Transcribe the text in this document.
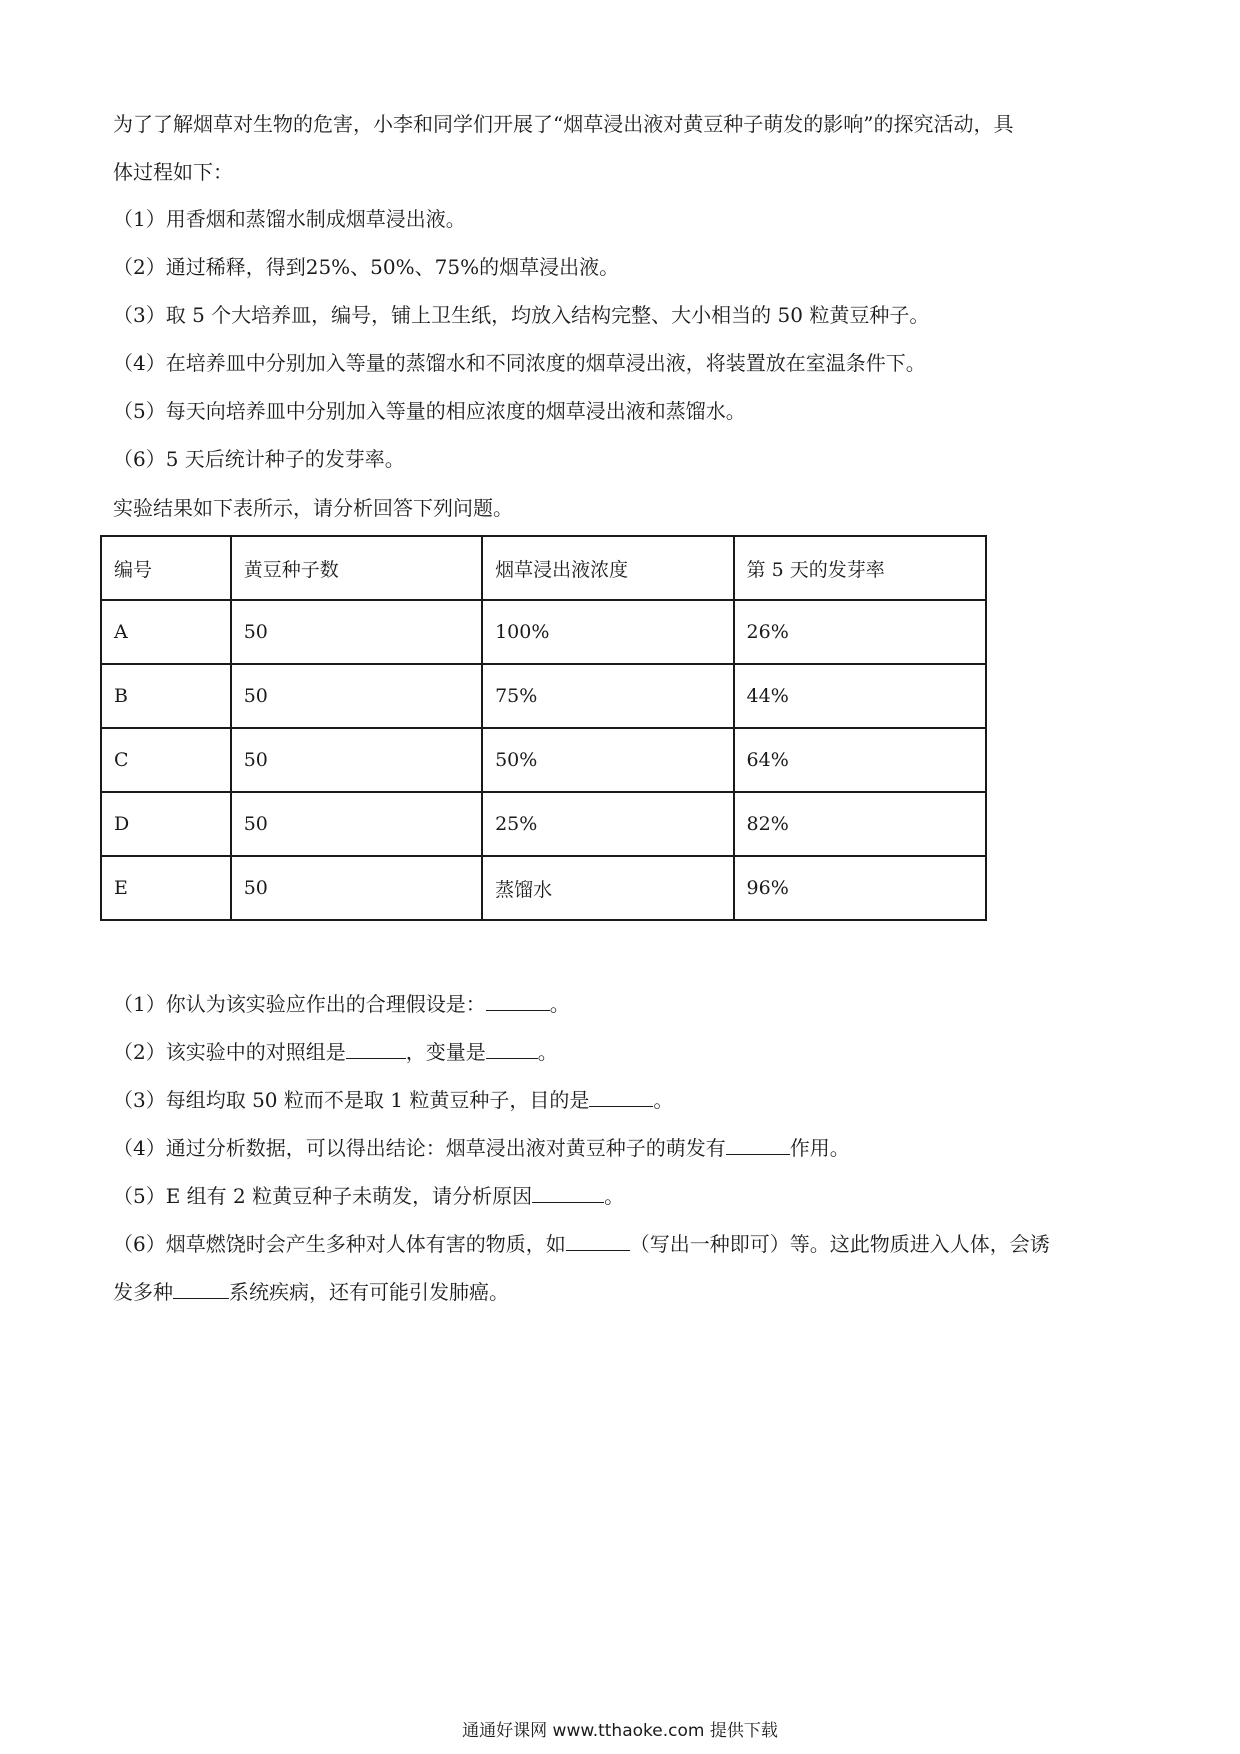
为了了解烟草对生物的危害，小李和同学们开展了“烟草浸出液对黄豆种子萌发的影响”的探究活动，具
体过程如下：
（1）用香烟和蒸馏水制成烟草浸出液。
（2）通过稀释，得到25%、50%、75%的烟草浸出液。
（3）取 5 个大培养皿，编号，铺上卫生纸，均放入结构完整、大小相当的 50 粒黄豆种子。
（4）在培养皿中分别加入等量的蒸馏水和不同浓度的烟草浸出液，将装置放在室温条件下。
（5）每天向培养皿中分别加入等量的相应浓度的烟草浸出液和蒸馏水。
（6）5 天后统计种子的发芽率。
实验结果如下表所示，请分析回答下列问题。
编号	黄豆种子数	烟草浸出液浓度	第 5 天的发芽率
A	50	100%	26%
B	50	75%	44%
C	50	50%	64%
D	50	25%	82%
E	50	蒸馏水	96%
（1）你认为该实验应作出的合理假设是：	。
（2）该实验中的对照组是	，变量是	。
（3）每组均取 50 粒而不是取 1 粒黄豆种子，目的是	。
（4）通过分析数据，可以得出结论：烟草浸出液对黄豆种子的萌发有	作用。
（5）E 组有 2 粒黄豆种子未萌发，请分析原因	。
（6）烟草燃饶时会产生多种对人体有害的物质，如	（写出一种即可）等。这此物质进入人体，会诱
发多种	系统疾病，还有可能引发肺癌。
通通好课网 www.tthaoke.com 提供下载
